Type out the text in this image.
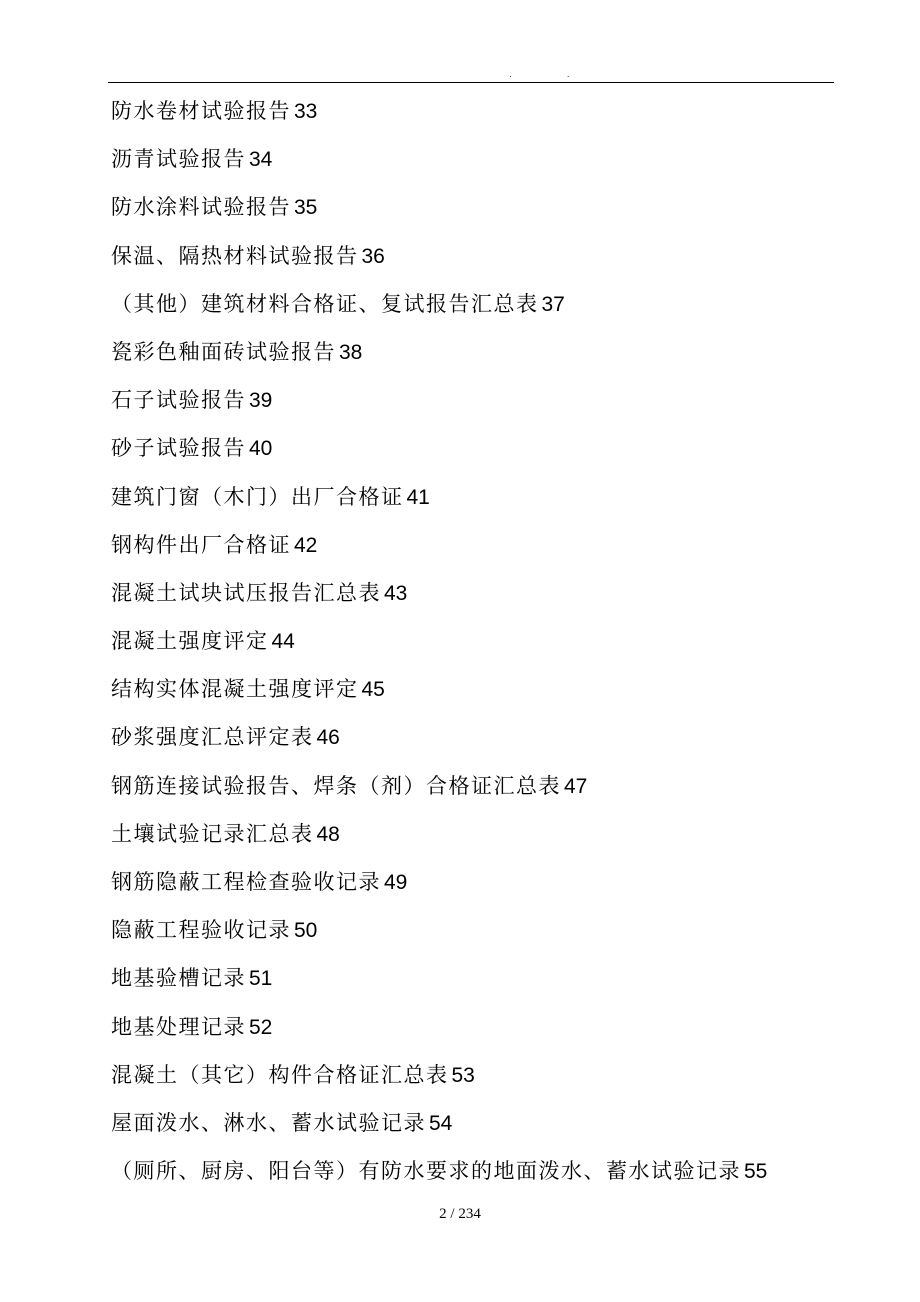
. .
防水卷材试验报告 33
沥青试验报告 34
防水涂料试验报告 35
保温、隔热材料试验报告 36
（其他）建筑材料合格证、复试报告汇总表 37
瓷彩色釉面砖试验报告 38
石子试验报告 39
砂子试验报告 40
建筑门窗（木门）出厂合格证 41
钢构件出厂合格证 42
混凝土试块试压报告汇总表 43
混凝土强度评定 44
结构实体混凝土强度评定 45
砂浆强度汇总评定表 46
钢筋连接试验报告、焊条（剂）合格证汇总表 47
土壤试验记录汇总表 48
钢筋隐蔽工程检查验收记录 49
隐蔽工程验收记录 50
地基验槽记录 51
地基处理记录 52
混凝土（其它）构件合格证汇总表 53
屋面泼水、淋水、蓄水试验记录 54
（厕所、厨房、阳台等）有防水要求的地面泼水、蓄水试验记录 55
2 / 234
